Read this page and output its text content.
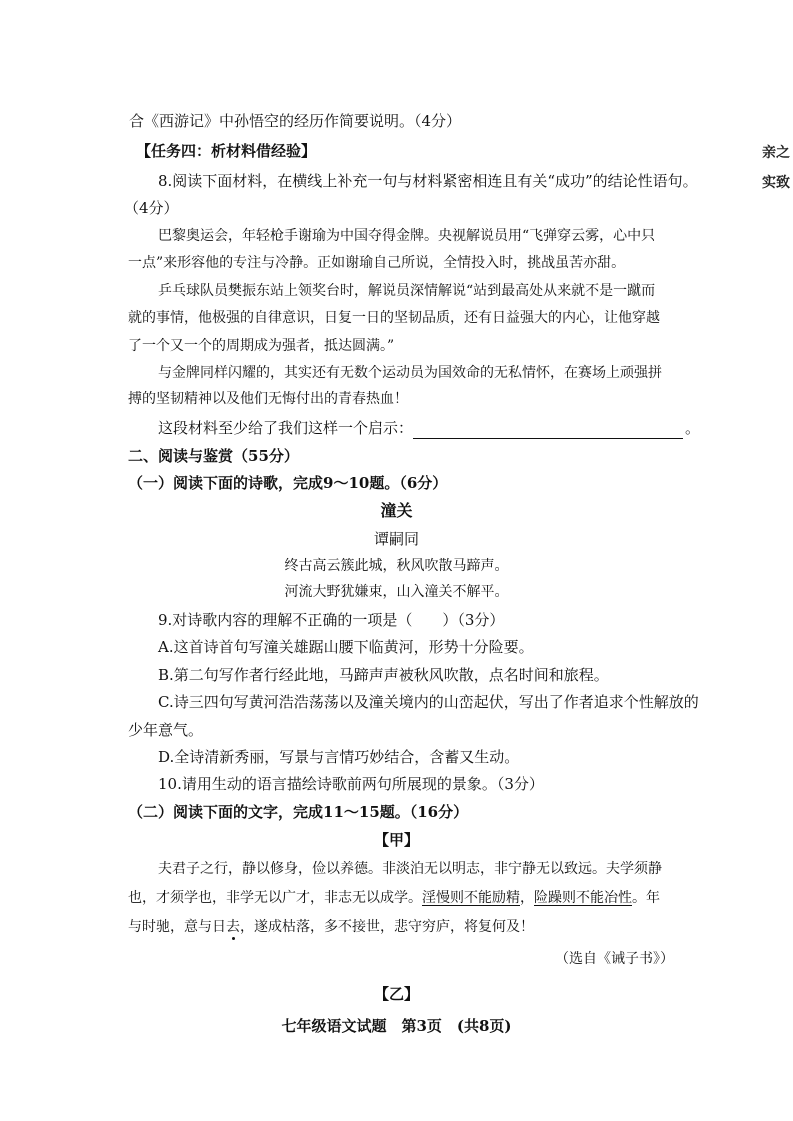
亲之
实致
合《西游记》中孙悟空的经历作简要说明。（4分）
【任务四：析材料借经验】
8.阅读下面材料，在横线上补充一句与材料紧密相连且有关“成功”的结论性语句。
（4分）
巴黎奥运会，年轻枪手谢瑜为中国夺得金牌。央视解说员用“飞弹穿云雾，心中只
一点”来形容他的专注与冷静。正如谢瑜自己所说，全情投入时，挑战虽苦亦甜。
乒乓球队员樊振东站上领奖台时，解说员深情解说“站到最高处从来就不是一蹴而
就的事情，他极强的自律意识，日复一日的坚韧品质，还有日益强大的内心，让他穿越
了一个又一个的周期成为强者，抵达圆满。”
与金牌同样闪耀的，其实还有无数个运动员为国效命的无私情怀，在赛场上顽强拼
搏的坚韧精神以及他们无悔付出的青春热血！
这段材料至少给了我们这样一个启示：	。
二、阅读与鉴赏（55分）
（一）阅读下面的诗歌，完成9～10题。（6分）
潼关
谭嗣同
终古高云簇此城，秋风吹散马蹄声。
河流大野犹嫌束，山入潼关不解平。
9.对诗歌内容的理解不正确的一项是（　　）（3分）
A.这首诗首句写潼关雄踞山腰下临黄河，形势十分险要。
B.第二句写作者行经此地，马蹄声声被秋风吹散，点名时间和旅程。
C.诗三四句写黄河浩浩荡荡以及潼关境内的山峦起伏，写出了作者追求个性解放的
少年意气。
D.全诗清新秀丽，写景与言情巧妙结合，含蓄又生动。
10.请用生动的语言描绘诗歌前两句所展现的景象。（3分）
（二）阅读下面的文字，完成11～15题。（16分）
【甲】
夫君子之行，静以修身，俭以养德。非淡泊无以明志，非宁静无以致远。夫学须静
也，才须学也，非学无以广才，非志无以成学。淫慢则不能励精，险躁则不能冶性。年
与时驰，意与日去，遂成枯落，多不接世，悲守穷庐，将复何及！
（选自《诫子书》）
【乙】
七年级语文试题　第3页　(共8页)
